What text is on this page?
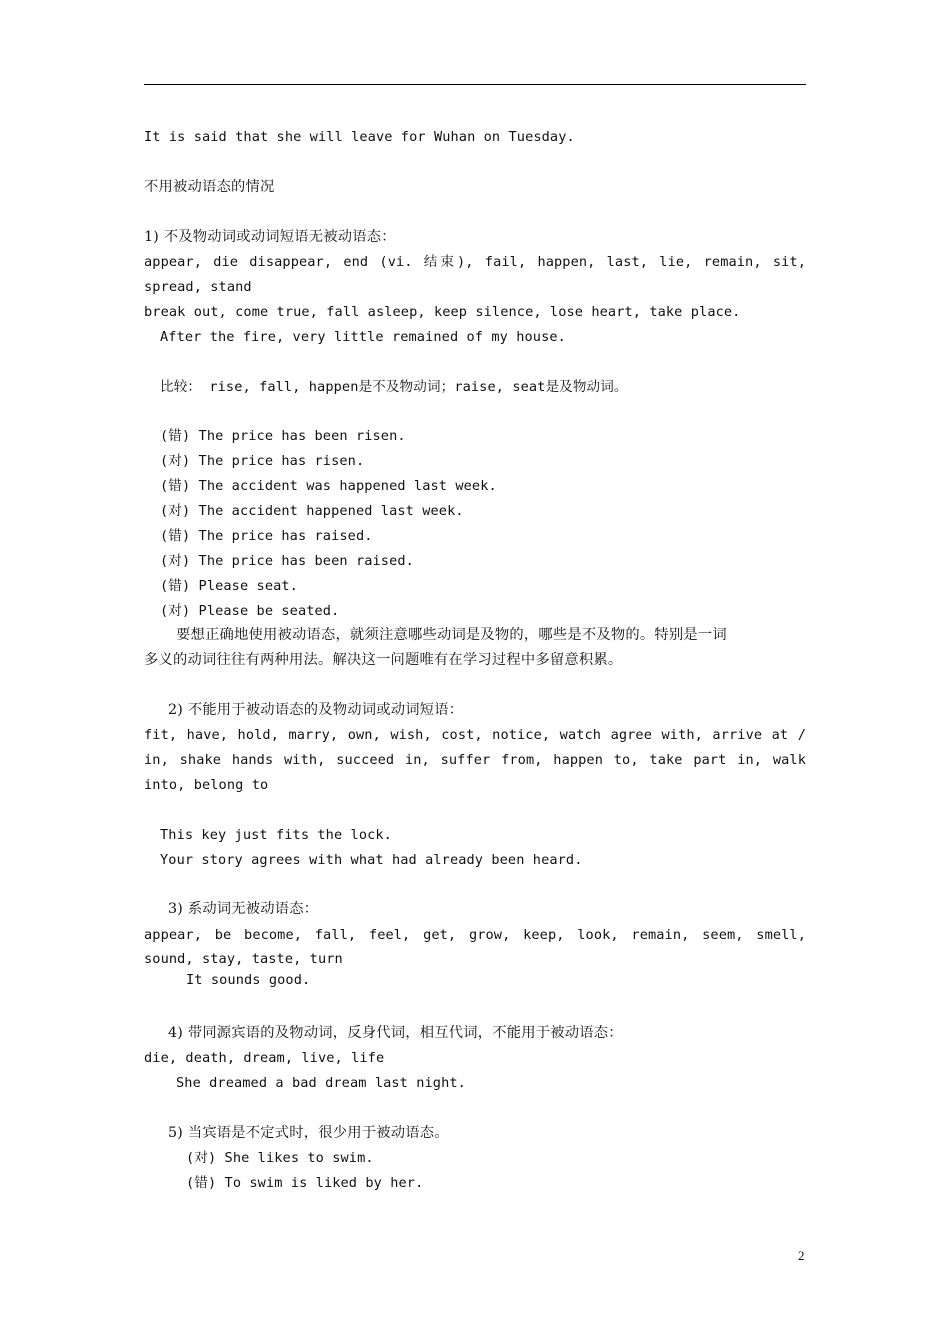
It is said that she will leave for Wuhan on Tuesday.
不用被动语态的情况
1) 不及物动词或动词短语无被动语态：
appear, die disappear, end (vi. 结束), fail, happen, last, lie, remain, sit,
spread, stand
break out, come true, fall asleep, keep silence, lose heart, take place.
After the fire, very little remained of my house.
比较： rise, fall, happen是不及物动词；raise, seat是及物动词。
(错) The price has been risen.
(对) The price has risen.
(错) The accident was happened last week.
(对) The accident happened last week.
(错) The price has raised.
(对) The price has been raised.
(错) Please seat.
(对) Please be seated.
要想正确地使用被动语态，就须注意哪些动词是及物的，哪些是不及物的。特别是一词
多义的动词往往有两种用法。解决这一问题唯有在学习过程中多留意积累。
2) 不能用于被动语态的及物动词或动词短语：
fit, have, hold, marry, own, wish, cost, notice, watch agree with, arrive at /
in, shake hands with, succeed in, suffer from, happen to, take part in, walk
into, belong to
This key just fits the lock.
Your story agrees with what had already been heard.
3) 系动词无被动语态：
appear, be become, fall, feel, get, grow, keep, look, remain, seem, smell,
sound, stay, taste, turn
It sounds good.
4) 带同源宾语的及物动词，反身代词，相互代词，不能用于被动语态：
die, death, dream, live, life
She dreamed a bad dream last night.
5) 当宾语是不定式时，很少用于被动语态。
(对) She likes to swim.
(错) To swim is liked by her.
2
